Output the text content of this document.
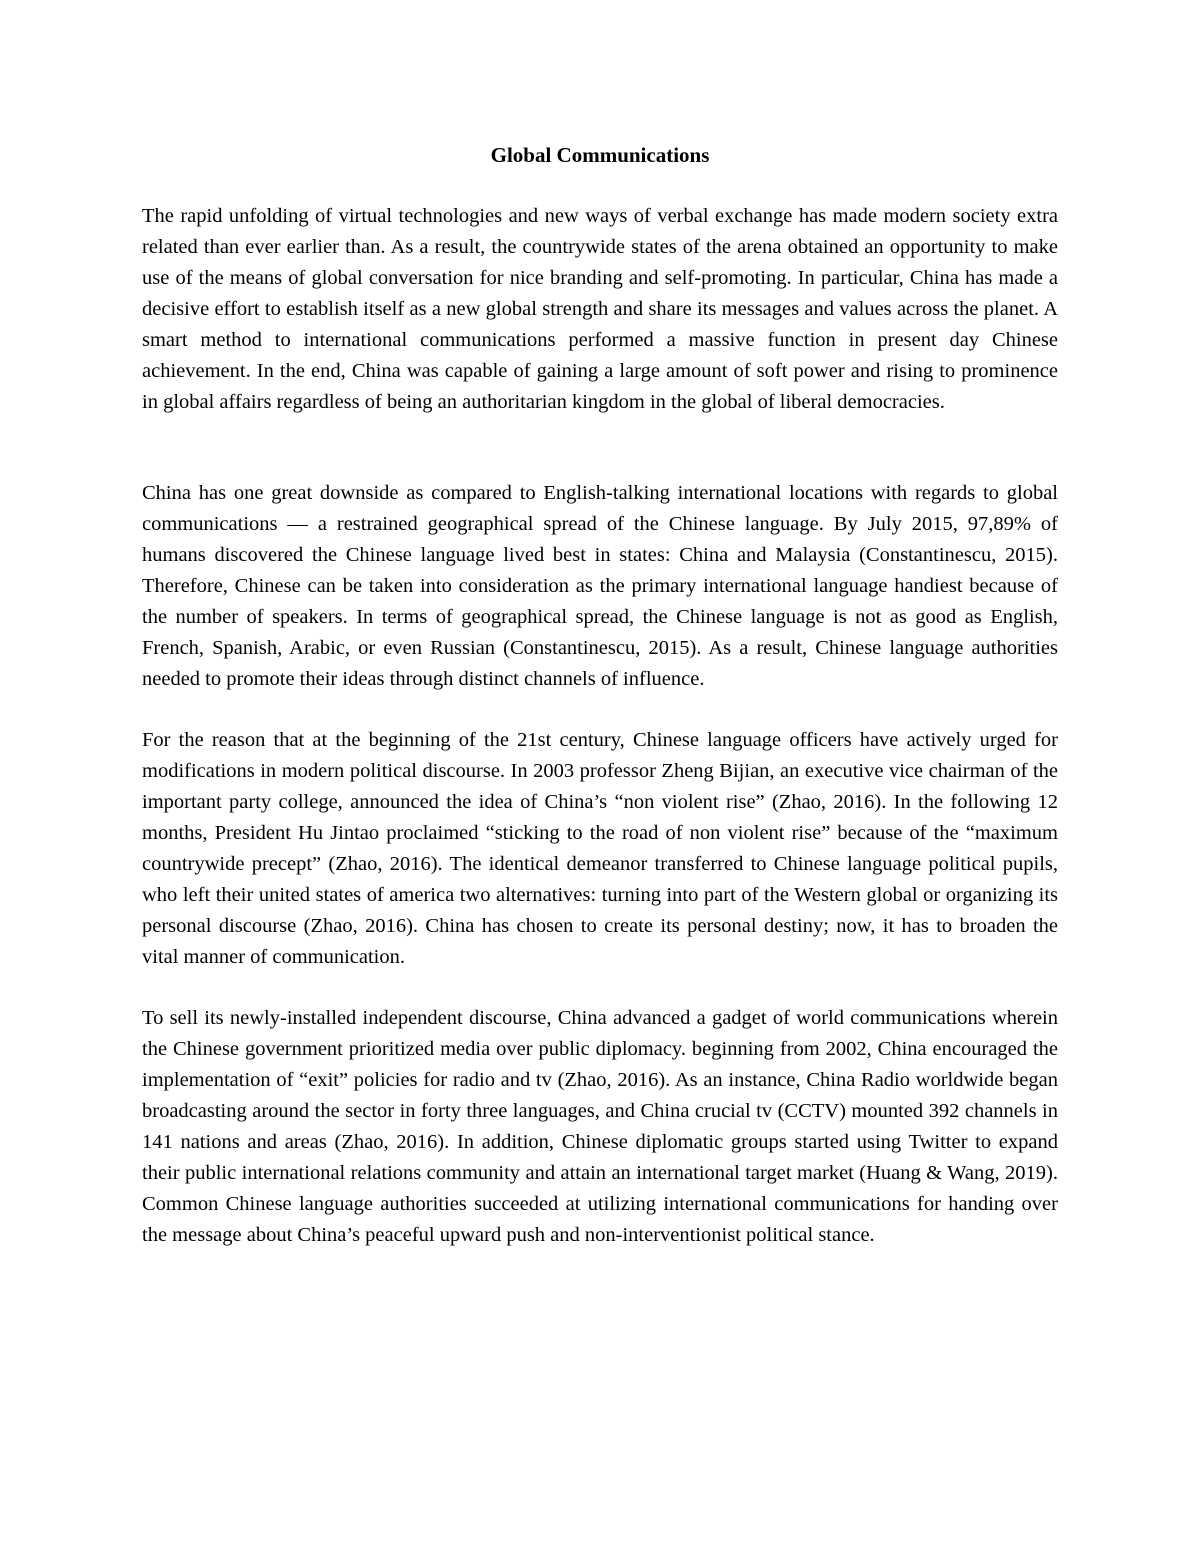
Global Communications

The rapid unfolding of virtual technologies and new ways of verbal exchange has made modern society extra related than ever earlier than. As a result, the countrywide states of the arena obtained an opportunity to make use of the means of global conversation for nice branding and self-promoting. In particular, China has made a decisive effort to establish itself as a new global strength and share its messages and values across the planet. A smart method to international communications performed a massive function in present day Chinese achievement. In the end, China was capable of gaining a large amount of soft power and rising to prominence in global affairs regardless of being an authoritarian kingdom in the global of liberal democracies.

China has one great downside as compared to English-talking international locations with regards to global communications — a restrained geographical spread of the Chinese language. By July 2015, 97,89% of humans discovered the Chinese language lived best in states: China and Malaysia (Constantinescu, 2015). Therefore, Chinese can be taken into consideration as the primary international language handiest because of the number of speakers. In terms of geographical spread, the Chinese language is not as good as English, French, Spanish, Arabic, or even Russian (Constantinescu, 2015). As a result, Chinese language authorities needed to promote their ideas through distinct channels of influence.

For the reason that at the beginning of the 21st century, Chinese language officers have actively urged for modifications in modern political discourse. In 2003 professor Zheng Bijian, an executive vice chairman of the important party college, announced the idea of China’s “non violent rise” (Zhao, 2016). In the following 12 months, President Hu Jintao proclaimed “sticking to the road of non violent rise” because of the “maximum countrywide precept” (Zhao, 2016). The identical demeanor transferred to Chinese language political pupils, who left their united states of america two alternatives: turning into part of the Western global or organizing its personal discourse (Zhao, 2016). China has chosen to create its personal destiny; now, it has to broaden the vital manner of communication.

To sell its newly-installed independent discourse, China advanced a gadget of world communications wherein the Chinese government prioritized media over public diplomacy. beginning from 2002, China encouraged the implementation of “exit” policies for radio and tv (Zhao, 2016). As an instance, China Radio worldwide began broadcasting around the sector in forty three languages, and China crucial tv (CCTV) mounted 392 channels in 141 nations and areas (Zhao, 2016). In addition, Chinese diplomatic groups started using Twitter to expand their public international relations community and attain an international target market (Huang & Wang, 2019). Common Chinese language authorities succeeded at utilizing international communications for handing over the message about China’s peaceful upward push and non-interventionist political stance.
